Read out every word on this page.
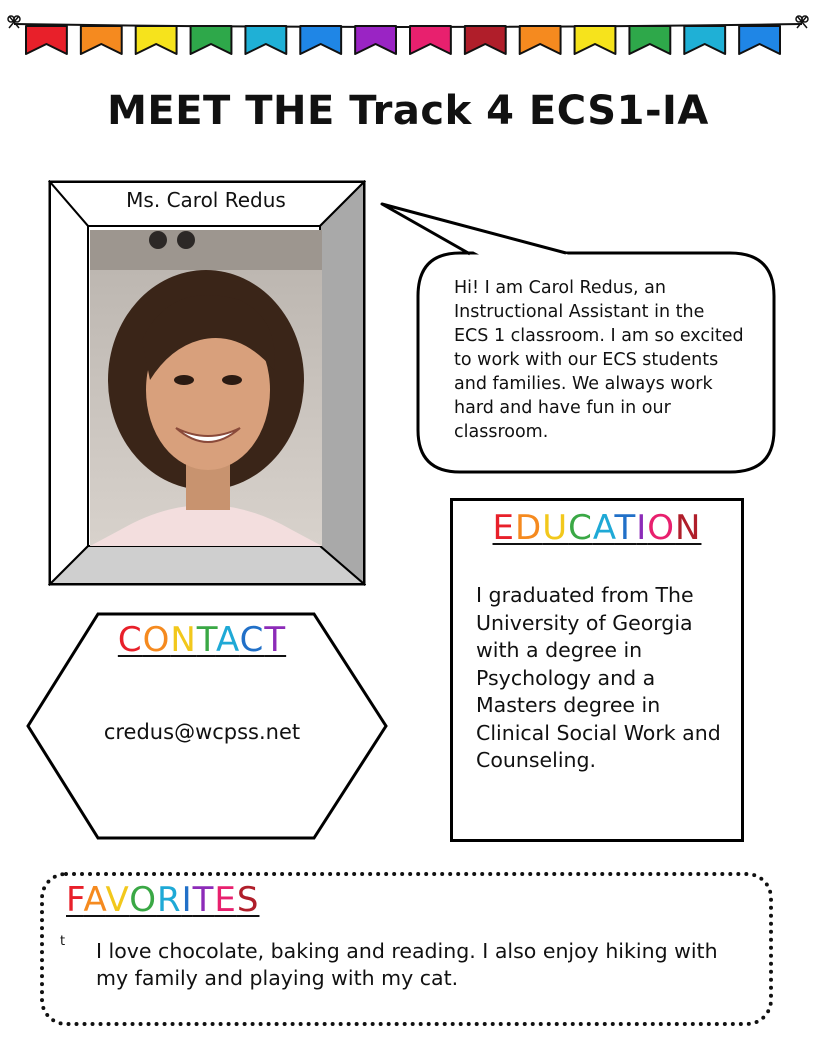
MEET THE Track 4 ECS1-IA
Ms. Carol Redus
Hi! I am Carol Redus, an Instructional Assistant in the ECS 1 classroom. I am so excited to work with our ECS students and families. We always work hard and have fun in our classroom.
EDUCATION
I graduated from The University of Georgia with a degree in Psychology and a Masters degree in Clinical Social Work and Counseling.
CONTACT
credus@wcpss.net
FAVORITES
t I love chocolate, baking and reading. I also enjoy hiking with my family and playing with my cat.
